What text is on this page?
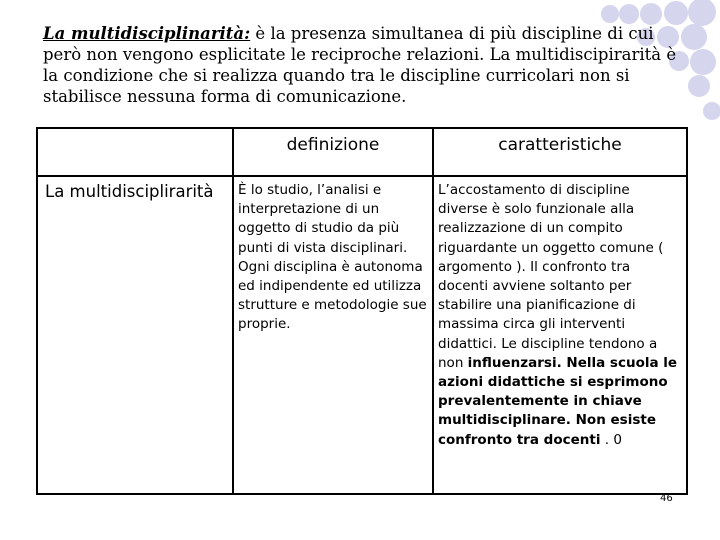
La multidisciplinarità: è la presenza simultanea di più discipline di cui però non vengono esplicitate le reciproche relazioni. La multidiscipirarità è la condizione che si realizza quando tra le discipline curricolari non si stabilisce nessuna forma di comunicazione.

	definizione	caratteristiche
La multidisciplirarità	È lo studio, l’analisi e interpretazione di un oggetto di studio da più punti di vista disciplinari. Ogni disciplina è autonoma ed indipendente ed utilizza strutture e metodologie sue proprie.	L’accostamento di discipline diverse è solo funzionale alla realizzazione di un compito riguardante un oggetto comune ( argomento ). Il confronto tra docenti avviene soltanto per stabilire una pianificazione di massima circa gli interventi didattici. Le discipline tendono a non influenzarsi. Nella scuola le azioni didattiche si esprimono prevalentemente in chiave multidisciplinare. Non esiste confronto tra docenti . 0
46
